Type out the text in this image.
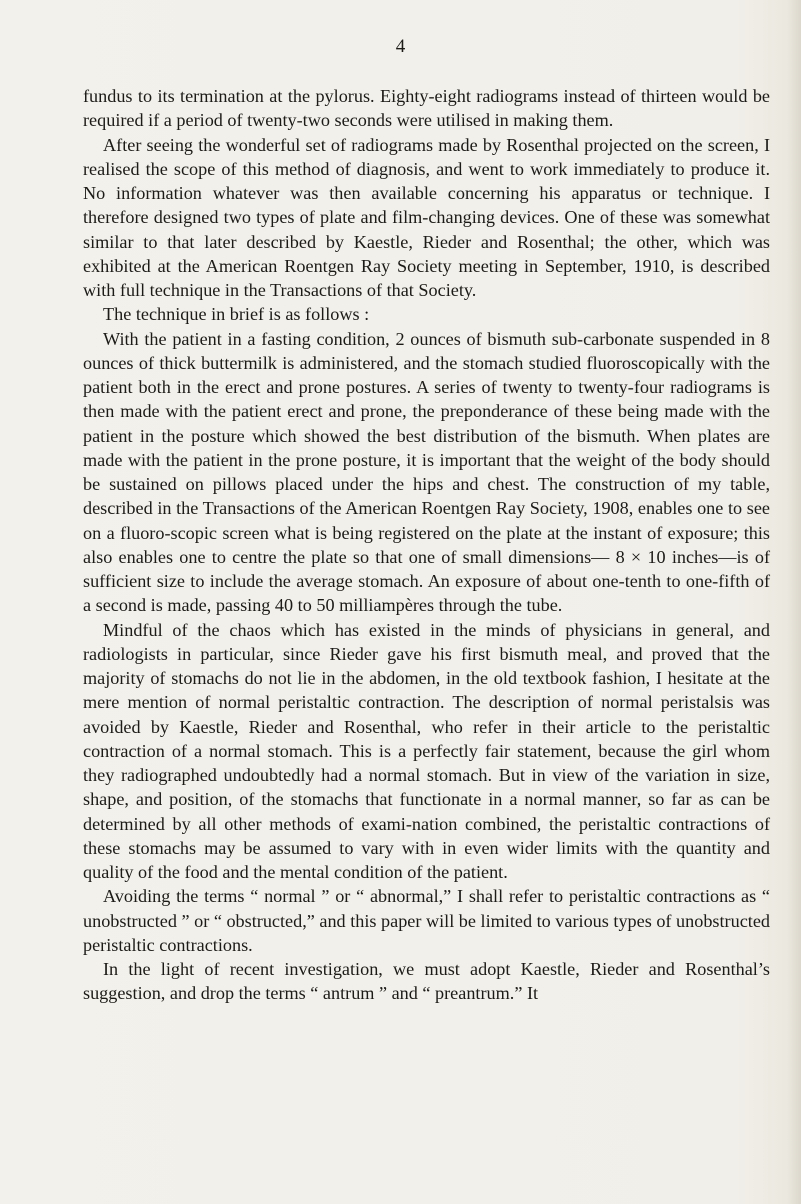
4

fundus to its termination at the pylorus. Eighty-eight radiograms instead of thirteen would be required if a period of twenty-two seconds were utilised in making them.

After seeing the wonderful set of radiograms made by Rosenthal projected on the screen, I realised the scope of this method of diagnosis, and went to work immediately to produce it. No information whatever was then available concerning his apparatus or technique. I therefore designed two types of plate and film-changing devices. One of these was somewhat similar to that later described by Kaestle, Rieder and Rosenthal; the other, which was exhibited at the American Roentgen Ray Society meeting in September, 1910, is described with full technique in the Transactions of that Society.

The technique in brief is as follows :

With the patient in a fasting condition, 2 ounces of bismuth sub-carbonate suspended in 8 ounces of thick buttermilk is administered, and the stomach studied fluoroscopically with the patient both in the erect and prone postures. A series of twenty to twenty-four radiograms is then made with the patient erect and prone, the preponderance of these being made with the patient in the posture which showed the best distribution of the bismuth. When plates are made with the patient in the prone posture, it is important that the weight of the body should be sustained on pillows placed under the hips and chest. The construction of my table, described in the Transactions of the American Roentgen Ray Society, 1908, enables one to see on a fluoro-scopic screen what is being registered on the plate at the instant of exposure; this also enables one to centre the plate so that one of small dimensions— 8 × 10 inches—is of sufficient size to include the average stomach. An exposure of about one-tenth to one-fifth of a second is made, passing 40 to 50 milliampères through the tube.

Mindful of the chaos which has existed in the minds of physicians in general, and radiologists in particular, since Rieder gave his first bismuth meal, and proved that the majority of stomachs do not lie in the abdomen, in the old textbook fashion, I hesitate at the mere mention of normal peristaltic contraction. The description of normal peristalsis was avoided by Kaestle, Rieder and Rosenthal, who refer in their article to the peristaltic contraction of a normal stomach. This is a perfectly fair statement, because the girl whom they radiographed undoubtedly had a normal stomach. But in view of the variation in size, shape, and position, of the stomachs that functionate in a normal manner, so far as can be determined by all other methods of exami-nation combined, the peristaltic contractions of these stomachs may be assumed to vary with in even wider limits with the quantity and quality of the food and the mental condition of the patient.

Avoiding the terms “ normal ” or “ abnormal,” I shall refer to peristaltic contractions as “ unobstructed ” or “ obstructed,” and this paper will be limited to various types of unobstructed peristaltic contractions.

In the light of recent investigation, we must adopt Kaestle, Rieder and Rosenthal’s suggestion, and drop the terms “ antrum ” and “ preantrum.” It
